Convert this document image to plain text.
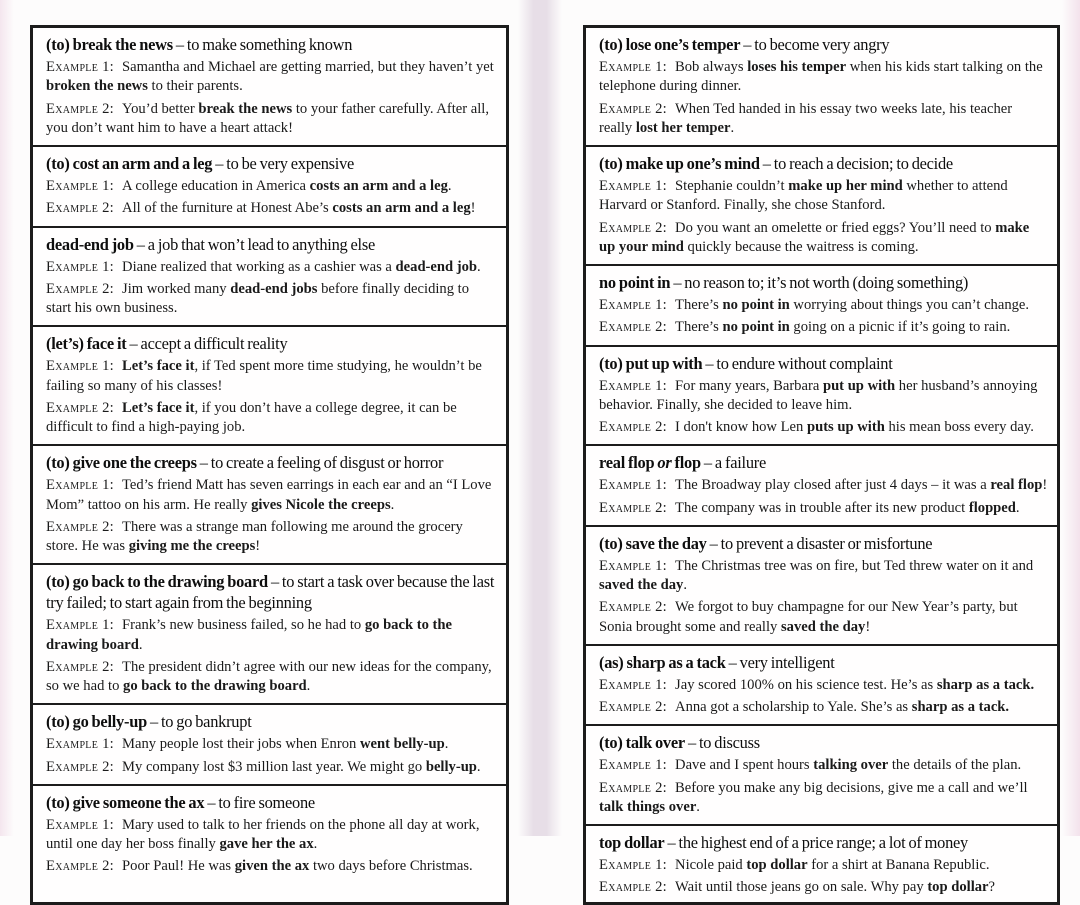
(to) break the news – to make something known

Example 1: Samantha and Michael are getting married, but they haven’t yet broken the news to their parents.

Example 2: You’d better break the news to your father carefully. After all, you don’t want him to have a heart attack!

(to) cost an arm and a leg – to be very expensive

Example 1: A college education in America costs an arm and a leg.

Example 2: All of the furniture at Honest Abe’s costs an arm and a leg!

dead-end job – a job that won’t lead to anything else

Example 1: Diane realized that working as a cashier was a dead-end job.

Example 2: Jim worked many dead-end jobs before finally deciding to start his own business.

(let’s) face it – accept a difficult reality

Example 1: Let’s face it, if Ted spent more time studying, he wouldn’t be failing so many of his classes!

Example 2: Let’s face it, if you don’t have a college degree, it can be difficult to find a high-paying job.

(to) give one the creeps – to create a feeling of disgust or horror

Example 1: Ted’s friend Matt has seven earrings in each ear and an “I Love Mom” tattoo on his arm. He really gives Nicole the creeps.

Example 2: There was a strange man following me around the grocery store. He was giving me the creeps!

(to) go back to the drawing board – to start a task over because the last try failed; to start again from the beginning

Example 1: Frank’s new business failed, so he had to go back to the drawing board.

Example 2: The president didn’t agree with our new ideas for the company, so we had to go back to the drawing board.

(to) go belly-up – to go bankrupt

Example 1: Many people lost their jobs when Enron went belly-up.

Example 2: My company lost $3 million last year. We might go belly-up.

(to) give someone the ax – to fire someone

Example 1: Mary used to talk to her friends on the phone all day at work, until one day her boss finally gave her the ax.

Example 2: Poor Paul! He was given the ax two days before Christmas.

(to) lose one’s temper – to become very angry

Example 1: Bob always loses his temper when his kids start talking on the telephone during dinner.

Example 2: When Ted handed in his essay two weeks late, his teacher really lost her temper.

(to) make up one’s mind – to reach a decision; to decide

Example 1: Stephanie couldn’t make up her mind whether to attend Harvard or Stanford. Finally, she chose Stanford.

Example 2: Do you want an omelette or fried eggs? You’ll need to make up your mind quickly because the waitress is coming.

no point in – no reason to; it’s not worth (doing something)

Example 1: There’s no point in worrying about things you can’t change.

Example 2: There’s no point in going on a picnic if it’s going to rain.

(to) put up with – to endure without complaint

Example 1: For many years, Barbara put up with her husband’s annoying behavior. Finally, she decided to leave him.

Example 2: I don't know how Len puts up with his mean boss every day.

real flop or flop – a failure

Example 1: The Broadway play closed after just 4 days – it was a real flop!

Example 2: The company was in trouble after its new product flopped.

(to) save the day – to prevent a disaster or misfortune

Example 1: The Christmas tree was on fire, but Ted threw water on it and saved the day.

Example 2: We forgot to buy champagne for our New Year’s party, but Sonia brought some and really saved the day!

(as) sharp as a tack – very intelligent

Example 1: Jay scored 100% on his science test. He’s as sharp as a tack.

Example 2: Anna got a scholarship to Yale. She’s as sharp as a tack.

(to) talk over – to discuss

Example 1: Dave and I spent hours talking over the details of the plan.

Example 2: Before you make any big decisions, give me a call and we’ll talk things over.

top dollar – the highest end of a price range; a lot of money

Example 1: Nicole paid top dollar for a shirt at Banana Republic.

Example 2: Wait until those jeans go on sale. Why pay top dollar?
